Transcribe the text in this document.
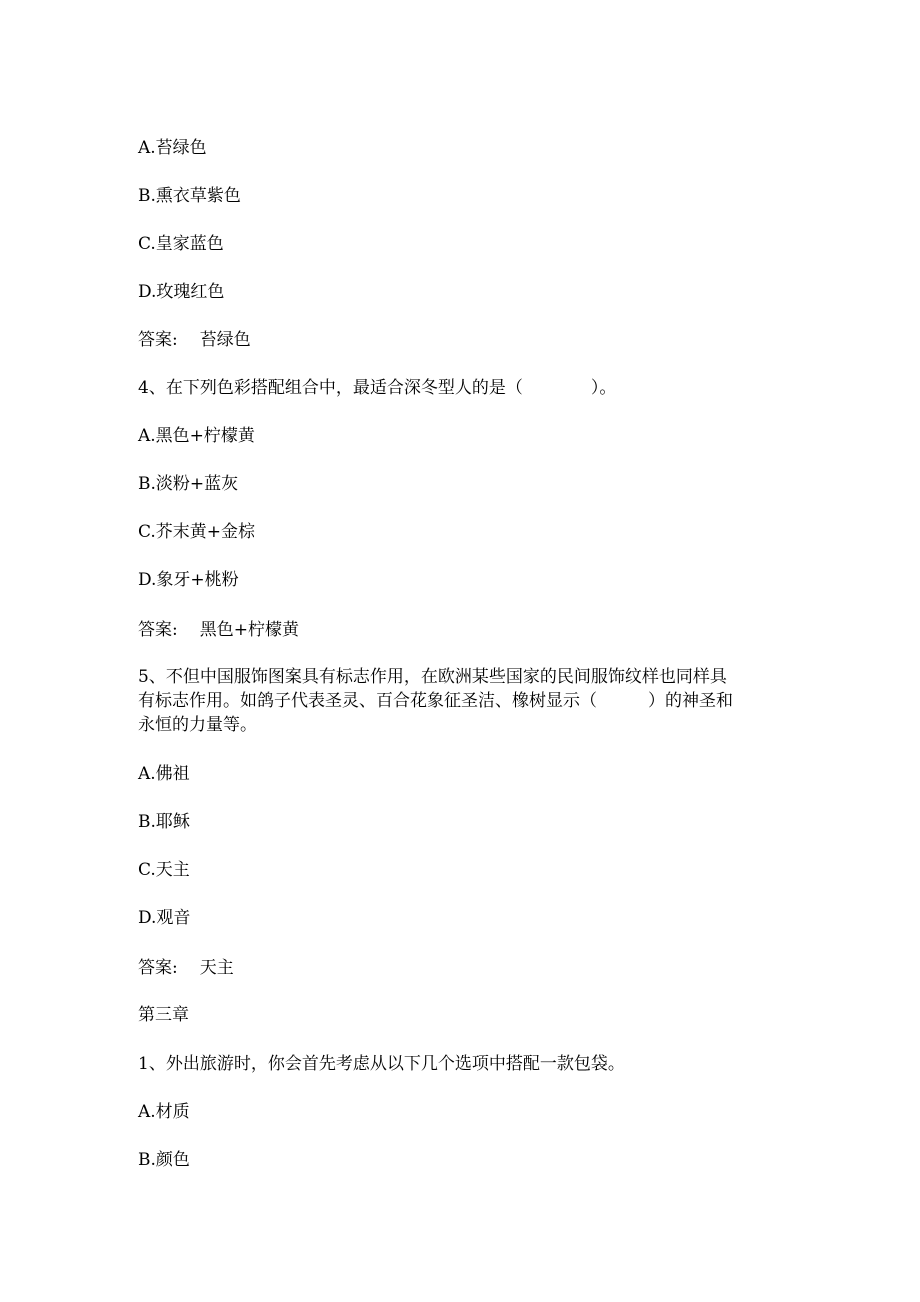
A.苔绿色

B.熏衣草紫色

C.皇家蓝色

D.玫瑰红色

答案: 苔绿色

4、在下列色彩搭配组合中，最适合深冬型人的是（　　　　）。

A.黑色+柠檬黄

B.淡粉+蓝灰

C.芥末黄+金棕

D.象牙+桃粉

答案: 黑色+柠檬黄

5、不但中国服饰图案具有标志作用，在欧洲某些国家的民间服饰纹样也同样具
有标志作用。如鸽子代表圣灵、百合花象征圣洁、橡树显示（　　　）的神圣和
永恒的力量等。

A.佛祖

B.耶稣

C.天主

D.观音

答案: 天主

第三章

1、外出旅游时，你会首先考虑从以下几个选项中搭配一款包袋。

A.材质

B.颜色
